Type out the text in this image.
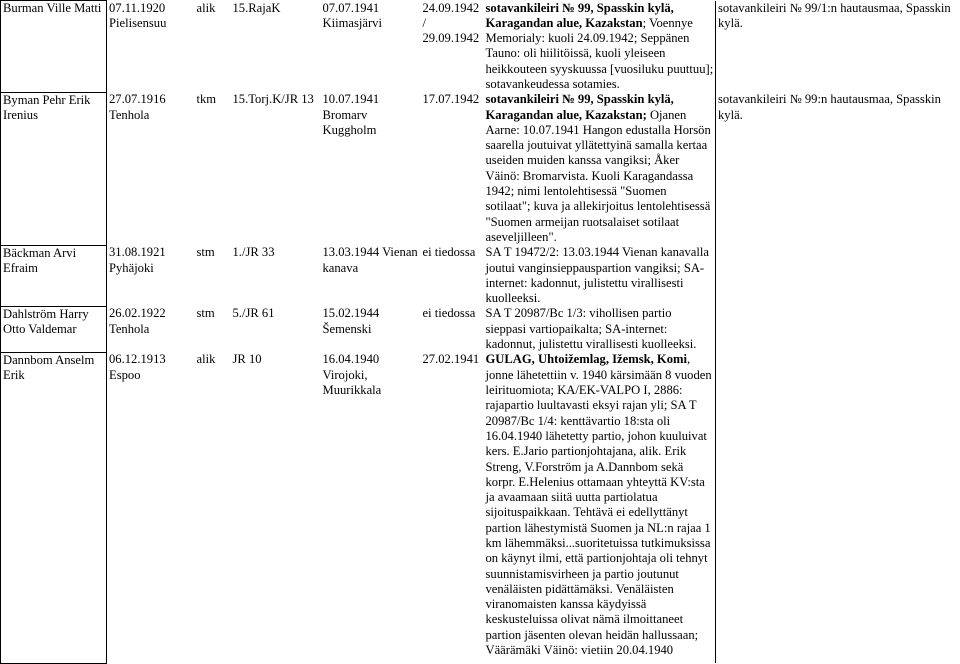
Burman Ville Matti	07.11.1920 Pielisensuu	alik	15.RajaK	07.07.1941 Kiimasjärvi	24.09.1942/ 29.09.1942	sotavankileiri № 99, Spasskin kylä, Karagandan alue, Kazakstan; Voennye Memorialy: kuoli 24.09.1942; Seppänen Tauno: oli hiilitöissä, kuoli yleiseen heikkouteen syyskuussa [vuosiluku puuttuu]; sotavankeudessa sotamies.	sotavankileiri № 99/1:n hautausmaa, Spasskin kylä.
Byman Pehr Erik Irenius	27.07.1916 Tenhola	tkm	15.Torj.K/JR 13	10.07.1941 Bromarv Kuggholm	17.07.1942	sotavankileiri № 99, Spasskin kylä, Karagandan alue, Kazakstan; Ojanen Aarne: 10.07.1941 Hangon edustalla Horsön saarella joutuivat yllätettyinä samalla kertaa useiden muiden kanssa vangiksi; Åker Väinö: Bromarvista. Kuoli Karagandassa 1942; nimi lentolehtisessä "Suomen sotilaat"; kuva ja allekirjoitus lentolehtisessä "Suomen armeijan ruotsalaiset sotilaat aseveljilleen".	sotavankileiri № 99:n hautausmaa, Spasskin kylä.
Bäckman Arvi Efraim	31.08.1921 Pyhäjoki	stm	1./JR 33	13.03.1944 Vienan kanava	ei tiedossa	SA T 19472/2: 13.03.1944 Vienan kanavalla joutui vanginsieppauspartion vangiksi; SA-internet: kadonnut, julistettu virallisesti kuolleeksi.	
Dahlström Harry Otto Valdemar	26.02.1922 Tenhola	stm	5./JR 61	15.02.1944 Šemenski	ei tiedossa	SA T 20987/Bc 1/3: vihollisen partio sieppasi vartiopaikalta; SA-internet: kadonnut, julistettu virallisesti kuolleeksi.	
Dannbom Anselm Erik	06.12.1913 Espoo	alik	JR 10	16.04.1940 Virojoki, Muurikkala	27.02.1941	GULAG, Uhtoižemlag, Ižemsk, Komi, jonne lähetettiin v. 1940 kärsimään 8 vuoden leirituomiota; KA/EK-VALPO I, 2886: rajapartio luultavasti eksyi rajan yli; SA T 20987/Bc 1/4: kenttävartio 18:sta oli 16.04.1940 lähetetty partio, johon kuuluivat kers. E.Jario partionjohtajana, alik. Erik Streng, V.Forström ja A.Dannbom sekä korpr. E.Helenius ottamaan yhteyttä KV:sta ja avaamaan siitä uutta partiolatua sijoituspaikkaan. Tehtävä ei edellyttänyt partion lähestymistä Suomen ja NL:n rajaa 1 km lähemmäksi...suoritetuissa tutkimuksissa on käynyt ilmi, että partionjohtaja oli tehnyt suunnistamisvirheen ja partio joutunut venäläisten pidättämäksi. Venäläisten viranomaisten kanssa käydyissä keskusteluissa olivat nämä ilmoittaneet partion jäsenten olevan heidän hallussaan; Väärämäki Väinö: vietiin 20.04.1940	
